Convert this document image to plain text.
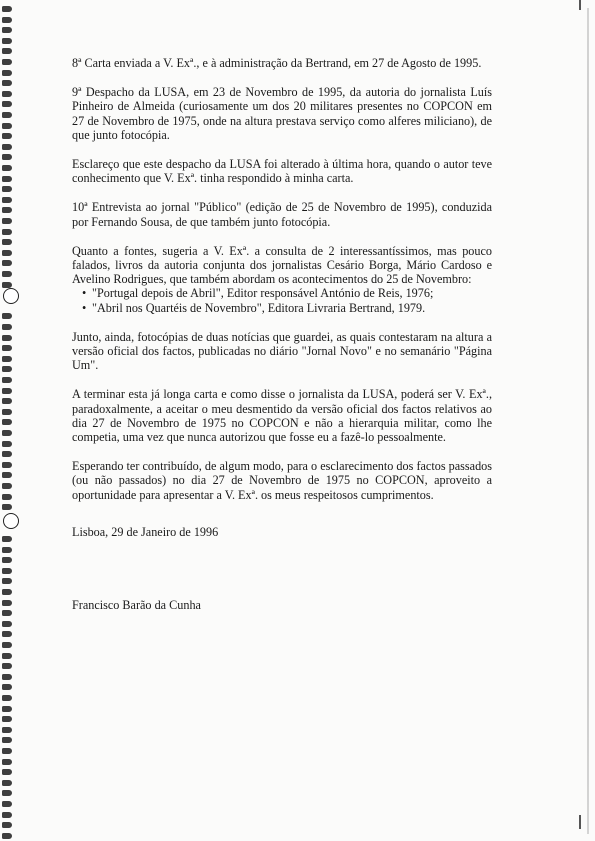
8ª Carta enviada a V. Exª., e à administração da Bertrand, em 27 de Agosto de 1995.

9ª Despacho da LUSA, em 23 de Novembro de 1995, da autoria do jornalista Luís Pinheiro de Almeida (curiosamente um dos 20 militares presentes no COPCON em 27 de Novembro de 1975, onde na altura prestava serviço como alferes miliciano), de que junto fotocópia.

Esclareço que este despacho da LUSA foi alterado à última hora, quando o autor teve conhecimento que V. Exª. tinha respondido à minha carta.

10ª Entrevista ao jornal "Público" (edição de 25 de Novembro de 1995), conduzida por Fernando Sousa, de que também junto fotocópia.

Quanto a fontes, sugeria a V. Exª. a consulta de 2 interessantíssimos, mas pouco falados, livros da autoria conjunta dos jornalistas Cesário Borga, Mário Cardoso e Avelino Rodrigues, que também abordam os acontecimentos do 25 de Novembro:

• "Portugal depois de Abril", Editor responsável António de Reis, 1976;
• "Abril nos Quartéis de Novembro", Editora Livraria Bertrand, 1979.

Junto, ainda, fotocópias de duas notícias que guardei, as quais contestaram na altura a versão oficial dos factos, publicadas no diário "Jornal Novo" e no semanário "Página Um".

A terminar esta já longa carta e como disse o jornalista da LUSA, poderá ser V. Exª., paradoxalmente, a aceitar o meu desmentido da versão oficial dos factos relativos ao dia 27 de Novembro de 1975 no COPCON e não a hierarquia militar, como lhe competia, uma vez que nunca autorizou que fosse eu a fazê-lo pessoalmente.

Esperando ter contribuído, de algum modo, para o esclarecimento dos factos passados (ou não passados) no dia 27 de Novembro de 1975 no COPCON, aproveito a oportunidade para apresentar a V. Exª. os meus respeitosos cumprimentos.

Lisboa, 29 de Janeiro de 1996
Francisco Barão da Cunha
